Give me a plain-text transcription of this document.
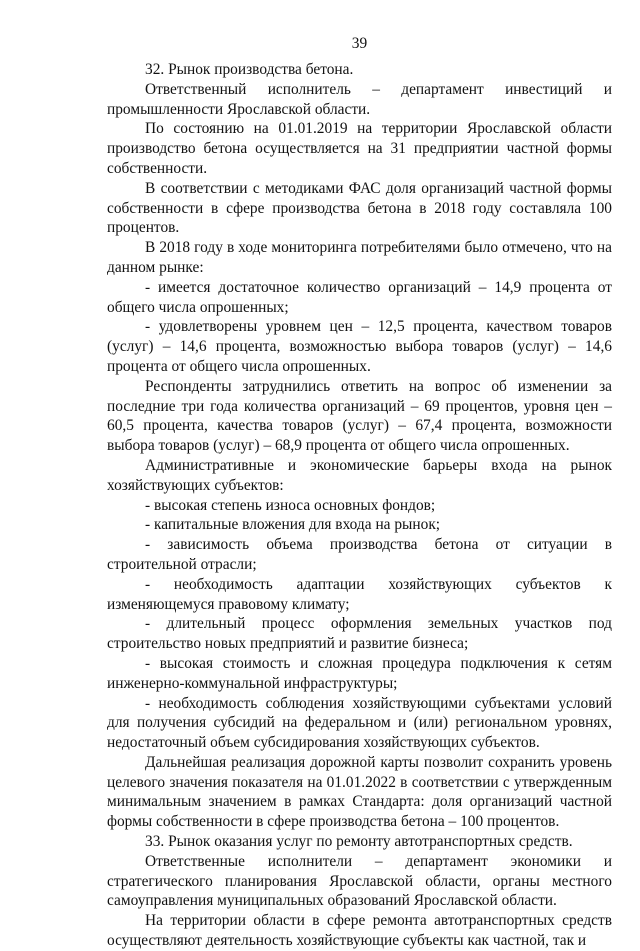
39

32. Рынок производства бетона.

Ответственный исполнитель – департамент инвестиций и промышленности Ярославской области.

По состоянию на 01.01.2019 на территории Ярославской области производство бетона осуществляется на 31 предприятии частной формы собственности.

В соответствии с методиками ФАС доля организаций частной формы собственности в сфере производства бетона в 2018 году составляла 100 процентов.

В 2018 году в ходе мониторинга потребителями было отмечено, что на данном рынке:

- имеется достаточное количество организаций – 14,9 процента от общего числа опрошенных;

- удовлетворены уровнем цен – 12,5 процента, качеством товаров (услуг) – 14,6 процента, возможностью выбора товаров (услуг) – 14,6 процента от общего числа опрошенных.

Респонденты затруднились ответить на вопрос об изменении за последние три года количества организаций – 69 процентов, уровня цен – 60,5 процента, качества товаров (услуг) – 67,4 процента, возможности выбора товаров (услуг) – 68,9 процента от общего числа опрошенных.

Административные и экономические барьеры входа на рынок хозяйствующих субъектов:

- высокая степень износа основных фондов;

- капитальные вложения для входа на рынок;

- зависимость объема производства бетона от ситуации в строительной отрасли;

- необходимость адаптации хозяйствующих субъектов к изменяющемуся правовому климату;

- длительный процесс оформления земельных участков под строительство новых предприятий и развитие бизнеса;

- высокая стоимость и сложная процедура подключения к сетям инженерно-коммунальной инфраструктуры;

- необходимость соблюдения хозяйствующими субъектами условий для получения субсидий на федеральном и (или) региональном уровнях, недостаточный объем субсидирования хозяйствующих субъектов.

Дальнейшая реализация дорожной карты позволит сохранить уровень целевого значения показателя на 01.01.2022 в соответствии с утвержденным минимальным значением в рамках Стандарта: доля организаций частной формы собственности в сфере производства бетона – 100 процентов.

33. Рынок оказания услуг по ремонту автотранспортных средств.

Ответственные исполнители – департамент экономики и стратегического планирования Ярославской области, органы местного самоуправления муниципальных образований Ярославской области.

На территории области в сфере ремонта автотранспортных средств осуществляют деятельность хозяйствующие субъекты как частной, так и
